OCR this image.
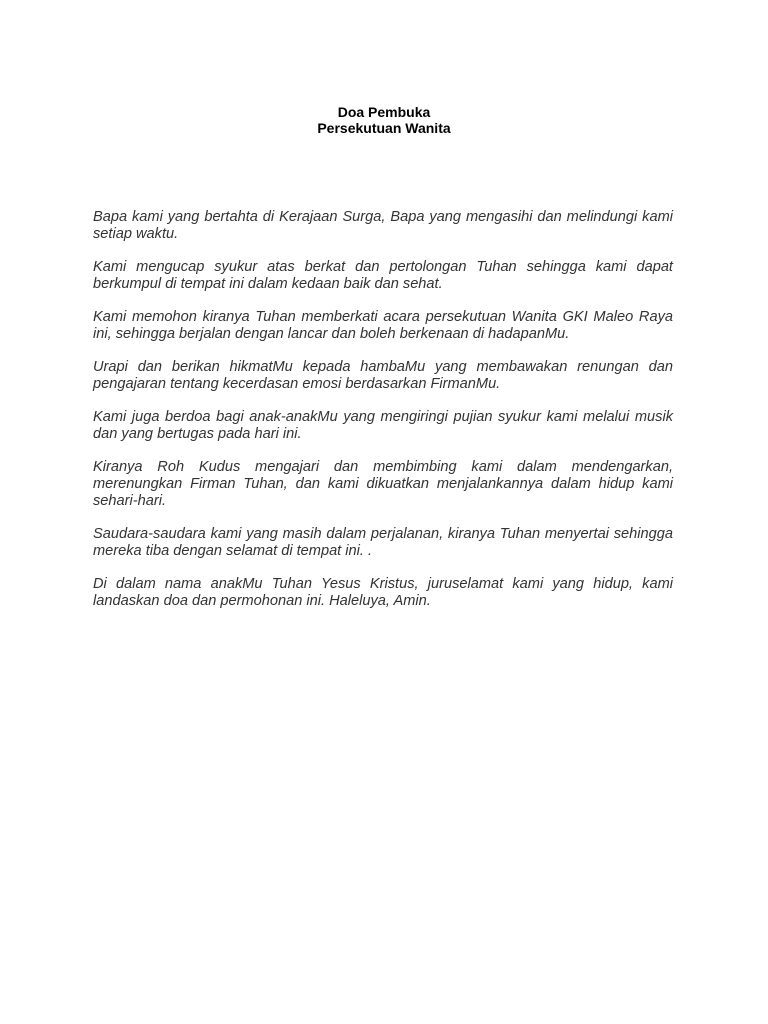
Doa Pembuka
Persekutuan Wanita

Bapa kami yang bertahta di Kerajaan Surga, Bapa yang mengasihi dan melindungi kami setiap waktu.

Kami mengucap syukur atas berkat dan pertolongan Tuhan sehingga kami dapat berkumpul di tempat ini dalam kedaan baik dan sehat.

Kami memohon kiranya Tuhan memberkati acara persekutuan Wanita GKI Maleo Raya ini, sehingga berjalan dengan lancar dan boleh berkenaan di hadapanMu.

Urapi dan berikan hikmatMu kepada hambaMu yang membawakan renungan dan pengajaran tentang kecerdasan emosi berdasarkan FirmanMu.

Kami juga berdoa bagi anak-anakMu yang mengiringi pujian syukur kami melalui musik dan yang bertugas pada hari ini.

Kiranya Roh Kudus mengajari dan membimbing kami dalam mendengarkan, merenungkan Firman Tuhan, dan kami dikuatkan menjalankannya dalam hidup kami sehari-hari.

Saudara-saudara kami yang masih dalam perjalanan, kiranya Tuhan menyertai sehingga mereka tiba dengan selamat di tempat ini. .

Di dalam nama anakMu Tuhan Yesus Kristus, juruselamat kami yang hidup, kami landaskan doa dan permohonan ini. Haleluya, Amin.
